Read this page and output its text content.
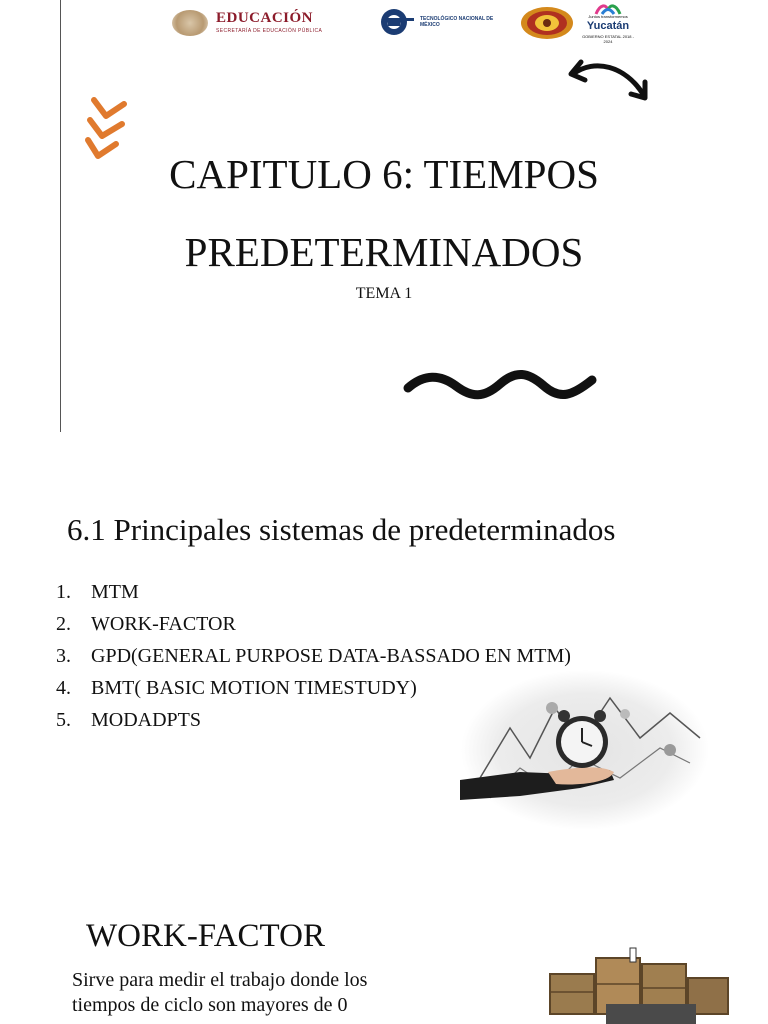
EDUCACIÓN
SECRETARÍA DE EDUCACIÓN PÚBLICA
TECNOLÓGICO NACIONAL DE MÉXICO
Juntos transformemos
Yucatán
GOBIERNO ESTATAL 2018 - 2024
CAPITULO 6: TIEMPOS
PREDETERMINADOS
TEMA 1
6.1 Principales sistemas de predeterminados
1. MTM
2. WORK-FACTOR
3. GPD(GENERAL PURPOSE DATA-BASSADO EN MTM)
4. BMT( BASIC MOTION TIMESTUDY)
5. MODADPTS
WORK-FACTOR
Sirve para medir el trabajo donde los tiempos de ciclo son mayores de 0
